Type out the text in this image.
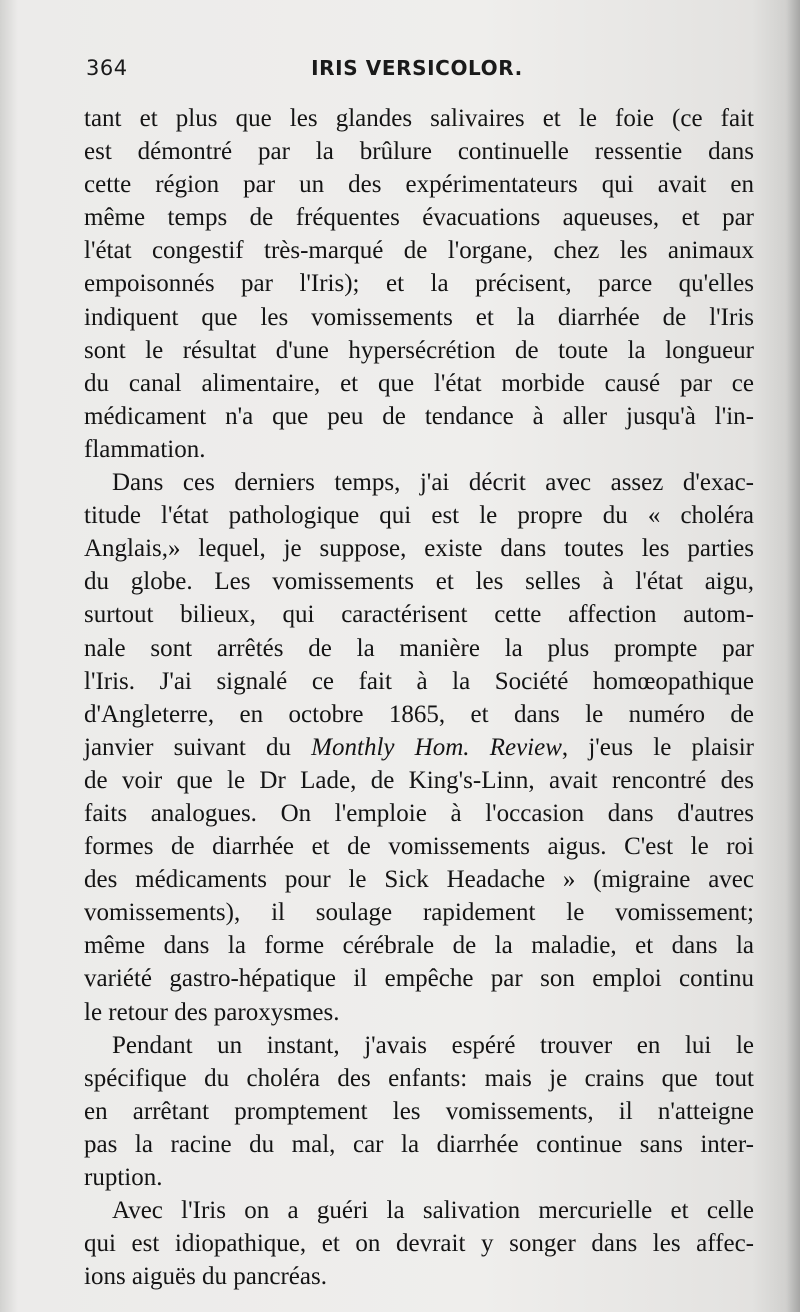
364	IRIS VERSICOLOR.
tant et plus que les glandes salivaires et le foie (ce fait
est démontré par la brûlure continuelle ressentie dans
cette région par un des expérimentateurs qui avait en
même temps de fréquentes évacuations aqueuses, et par
l'état congestif très-marqué de l'organe, chez les animaux
empoisonnés par l'Iris); et la précisent, parce qu'elles
indiquent que les vomissements et la diarrhée de l'Iris
sont le résultat d'une hypersécrétion de toute la longueur
du canal alimentaire, et que l'état morbide causé par ce
médicament n'a que peu de tendance à aller jusqu'à l'in-
flammation.
Dans ces derniers temps, j'ai décrit avec assez d'exac-
titude l'état pathologique qui est le propre du « choléra
Anglais,» lequel, je suppose, existe dans toutes les parties
du globe. Les vomissements et les selles à l'état aigu,
surtout bilieux, qui caractérisent cette affection autom-
nale sont arrêtés de la manière la plus prompte par
l'Iris. J'ai signalé ce fait à la Société homœopathique
d'Angleterre, en octobre 1865, et dans le numéro de
janvier suivant du Monthly Hom. Review, j'eus le plaisir
de voir que le Dr Lade, de King's-Linn, avait rencontré des
faits analogues. On l'emploie à l'occasion dans d'autres
formes de diarrhée et de vomissements aigus. C'est le roi
des médicaments pour le Sick Headache » (migraine avec
vomissements), il soulage rapidement le vomissement;
même dans la forme cérébrale de la maladie, et dans la
variété gastro-hépatique il empêche par son emploi continu
le retour des paroxysmes.
Pendant un instant, j'avais espéré trouver en lui le
spécifique du choléra des enfants: mais je crains que tout
en arrêtant promptement les vomissements, il n'atteigne
pas la racine du mal, car la diarrhée continue sans inter-
ruption.
Avec l'Iris on a guéri la salivation mercurielle et celle
qui est idiopathique, et on devrait y songer dans les affec-
ions aiguës du pancréas.
